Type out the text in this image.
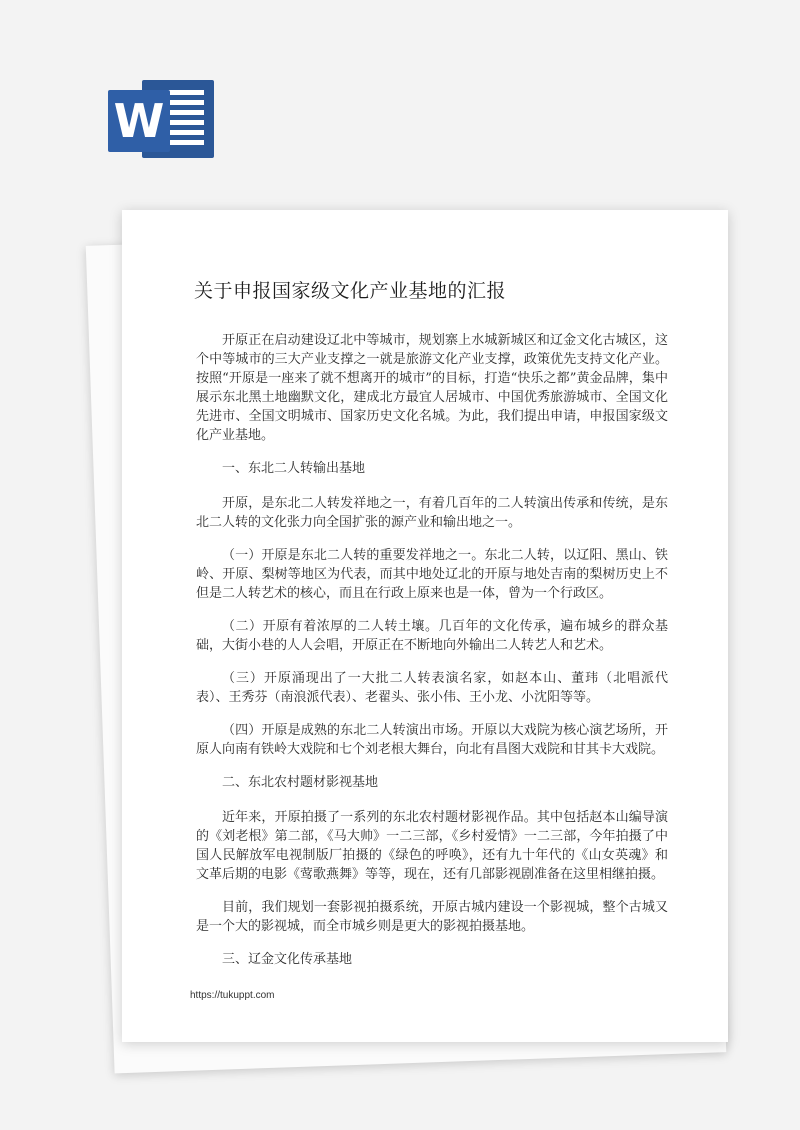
W
关于申报国家级文化产业基地的汇报

开原正在启动建设辽北中等城市，规划寨上水城新城区和辽金文化古城区，这个中等城市的三大产业支撑之一就是旅游文化产业支撑，政策优先支持文化产业。按照“开原是一座来了就不想离开的城市”的目标，打造“快乐之都”黄金品牌，集中展示东北黑土地幽默文化，建成北方最宜人居城市、中国优秀旅游城市、全国文化先进市、全国文明城市、国家历史文化名城。为此，我们提出申请，申报国家级文化产业基地。

一、东北二人转输出基地

开原，是东北二人转发祥地之一，有着几百年的二人转演出传承和传统，是东北二人转的文化张力向全国扩张的源产业和输出地之一。

（一）开原是东北二人转的重要发祥地之一。东北二人转，以辽阳、黑山、铁岭、开原、梨树等地区为代表，而其中地处辽北的开原与地处吉南的梨树历史上不但是二人转艺术的核心，而且在行政上原来也是一体，曾为一个行政区。

（二）开原有着浓厚的二人转土壤。几百年的文化传承，遍布城乡的群众基础，大街小巷的人人会唱，开原正在不断地向外输出二人转艺人和艺术。

（三）开原涌现出了一大批二人转表演名家，如赵本山、董玮（北唱派代表）、王秀芬（南浪派代表）、老翟头、张小伟、王小龙、小沈阳等等。

（四）开原是成熟的东北二人转演出市场。开原以大戏院为核心演艺场所，开原人向南有铁岭大戏院和七个刘老根大舞台，向北有昌图大戏院和甘其卡大戏院。

二、东北农村题材影视基地

近年来，开原拍摄了一系列的东北农村题材影视作品。其中包括赵本山编导演的《刘老根》第二部，《马大帅》一二三部，《乡村爱情》一二三部，今年拍摄了中国人民解放军电视制版厂拍摄的《绿色的呼唤》，还有九十年代的《山女英魂》和文革后期的电影《莺歌燕舞》等等，现在，还有几部影视剧准备在这里相继拍摄。

目前，我们规划一套影视拍摄系统，开原古城内建设一个影视城，整个古城又是一个大的影视城，而全市城乡则是更大的影视拍摄基地。

三、辽金文化传承基地

https://tukuppt.com
